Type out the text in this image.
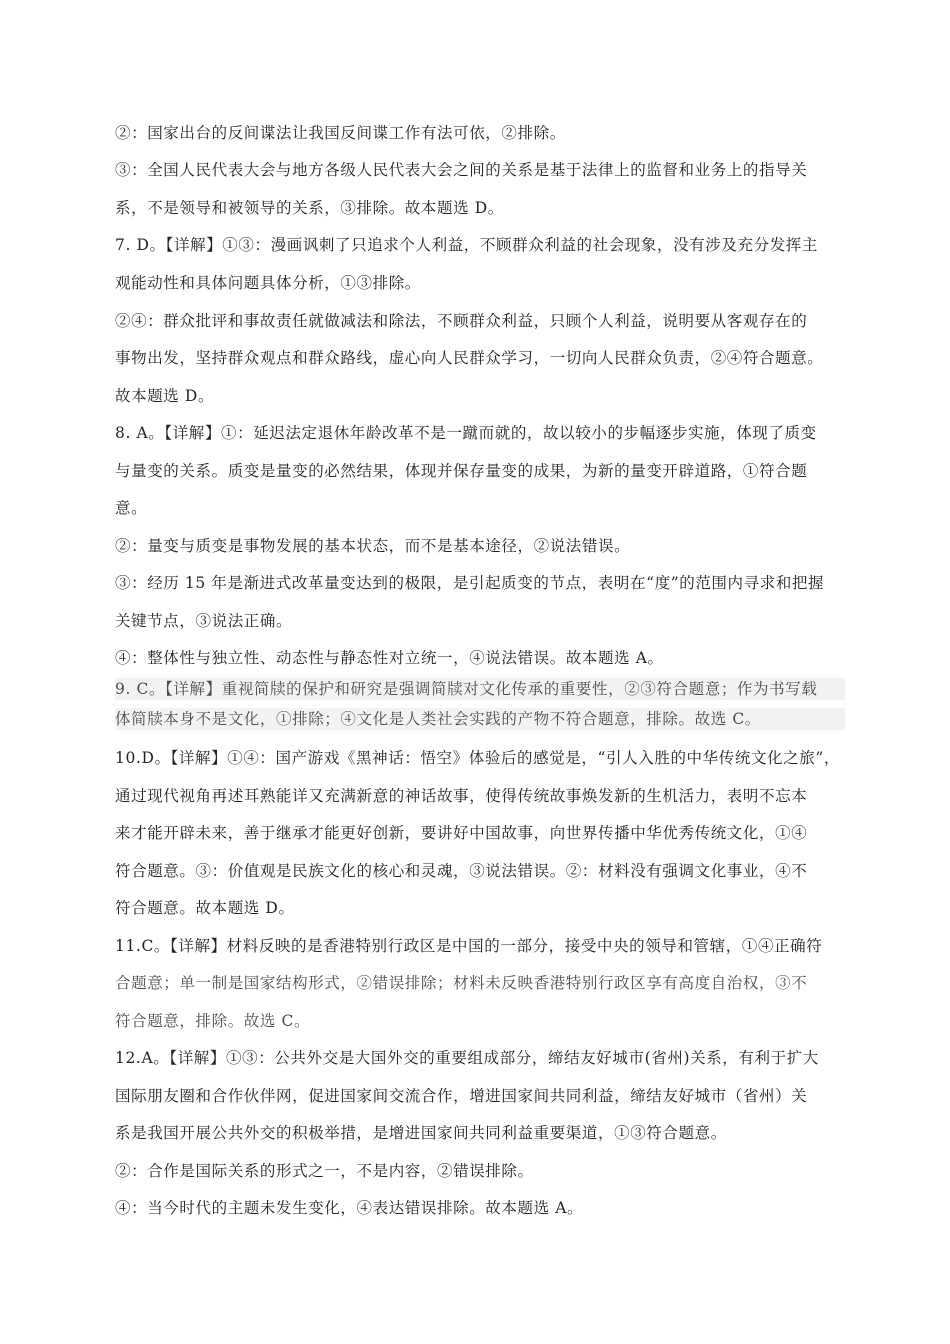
②：国家出台的反间谍法让我国反间谍工作有法可依，②排除。
③：全国人民代表大会与地方各级人民代表大会之间的关系是基于法律上的监督和业务上的指导关
系，不是领导和被领导的关系，③排除。故本题选 D。
7. D。【详解】①③：漫画讽刺了只追求个人利益，不顾群众利益的社会现象，没有涉及充分发挥主
观能动性和具体问题具体分析，①③排除。
②④：群众批评和事故责任就做减法和除法，不顾群众利益，只顾个人利益，说明要从客观存在的
事物出发，坚持群众观点和群众路线，虚心向人民群众学习，一切向人民群众负责，②④符合题意。
故本题选 D。
8. A。【详解】①：延迟法定退休年龄改革不是一蹴而就的，故以较小的步幅逐步实施，体现了质变
与量变的关系。质变是量变的必然结果，体现并保存量变的成果，为新的量变开辟道路，①符合题
意。
②：量变与质变是事物发展的基本状态，而不是基本途径，②说法错误。
③：经历 15 年是渐进式改革量变达到的极限，是引起质变的节点，表明在“度”的范围内寻求和把握
关键节点，③说法正确。
④：整体性与独立性、动态性与静态性对立统一，④说法错误。故本题选 A。
9. C。【详解】重视简牍的保护和研究是强调简牍对文化传承的重要性，②③符合题意；作为书写载
体简牍本身不是文化，①排除；④文化是人类社会实践的产物不符合题意，排除。故选 C。
10.D。【详解】①④：国产游戏《黑神话：悟空》体验后的感觉是，“引人入胜的中华传统文化之旅”，
通过现代视角再述耳熟能详又充满新意的神话故事，使得传统故事焕发新的生机活力，表明不忘本
来才能开辟未来，善于继承才能更好创新，要讲好中国故事，向世界传播中华优秀传统文化，①④
符合题意。③：价值观是民族文化的核心和灵魂，③说法错误。②：材料没有强调文化事业，④不
符合题意。故本题选 D。
11.C。【详解】材料反映的是香港特别行政区是中国的一部分，接受中央的领导和管辖，①④正确符
合题意；单一制是国家结构形式，②错误排除；材料未反映香港特别行政区享有高度自治权，③不
符合题意，排除。故选 C。
12.A。【详解】①③：公共外交是大国外交的重要组成部分，缔结友好城市(省州)关系，有利于扩大
国际朋友圈和合作伙伴网，促进国家间交流合作，增进国家间共同利益，缔结友好城市（省州）关
系是我国开展公共外交的积极举措，是增进国家间共同利益重要渠道，①③符合题意。
②：合作是国际关系的形式之一，不是内容，②错误排除。
④：当今时代的主题未发生变化，④表达错误排除。故本题选 A。
